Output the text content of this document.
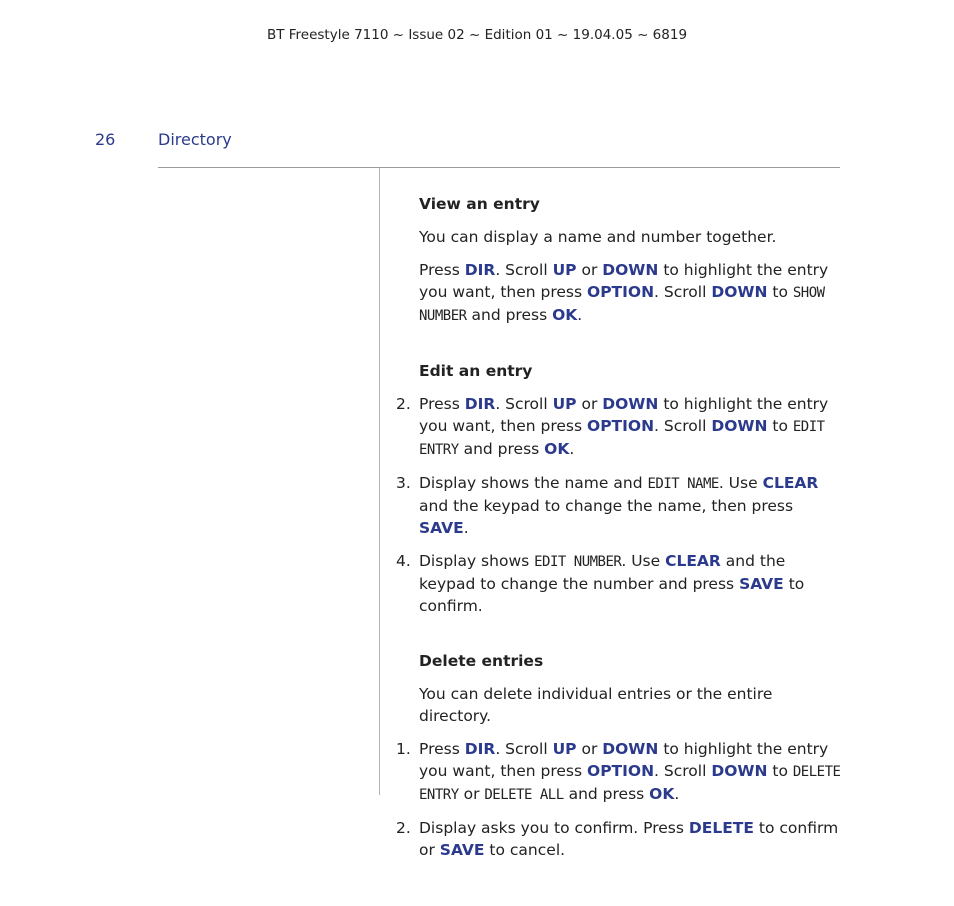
BT Freestyle 7110 ~ Issue 02 ~ Edition 01 ~ 19.04.05 ~ 6819
26	Directory
View an entry
You can display a name and number together.
Press DIR. Scroll UP or DOWN to highlight the entry you want, then press OPTION. Scroll DOWN to SHOW NUMBER and press OK.
Edit an entry
2. Press DIR. Scroll UP or DOWN to highlight the entry you want, then press OPTION. Scroll DOWN to EDIT ENTRY and press OK.
3. Display shows the name and EDIT NAME. Use CLEAR and the keypad to change the name, then press SAVE.
4. Display shows EDIT NUMBER. Use CLEAR and the keypad to change the number and press SAVE to confirm.
Delete entries
You can delete individual entries or the entire directory.
1. Press DIR. Scroll UP or DOWN to highlight the entry you want, then press OPTION. Scroll DOWN to DELETE ENTRY or DELETE ALL and press OK.
2. Display asks you to confirm. Press DELETE to confirm or SAVE to cancel.
